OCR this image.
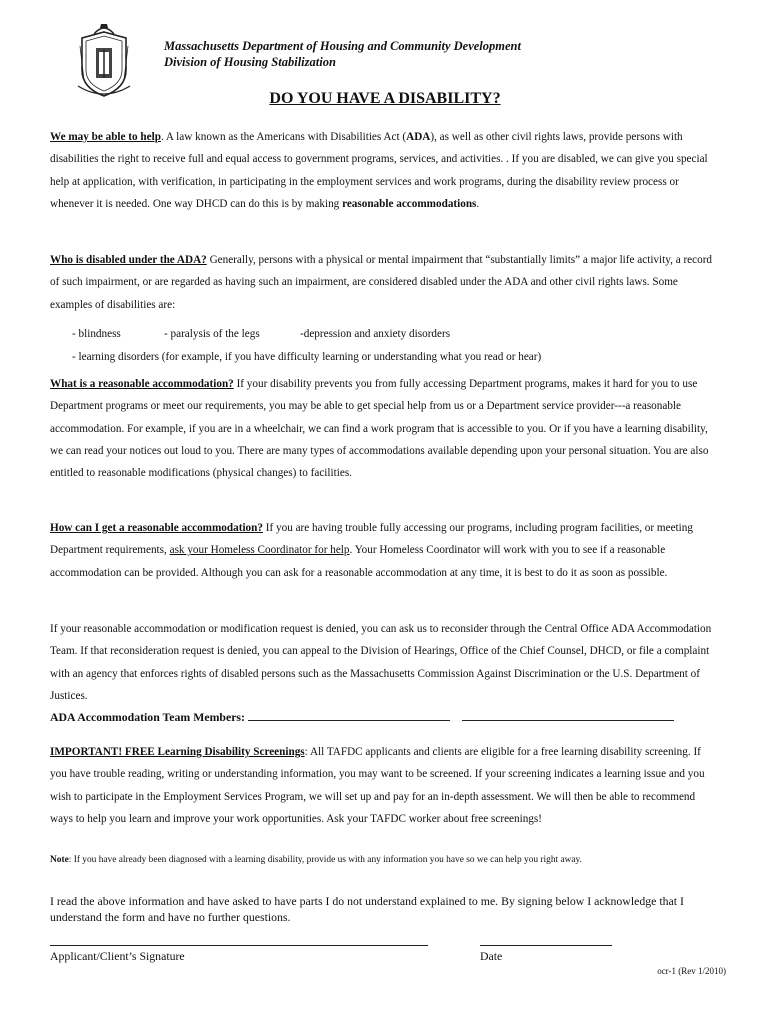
Massachusetts Department of Housing and Community Development
Division of Housing Stabilization
DO YOU HAVE A DISABILITY?
We may be able to help. A law known as the Americans with Disabilities Act (ADA), as well as other civil rights laws, provide persons with disabilities the right to receive full and equal access to government programs, services, and activities. . If you are disabled, we can give you special help at application, with verification, in participating in the employment services and work programs, during the disability review process or whenever it is needed. One way DHCD can do this is by making reasonable accommodations.
Who is disabled under the ADA? Generally, persons with a physical or mental impairment that “substantially limits” a major life activity, a record of such impairment, or are regarded as having such an impairment, are considered disabled under the ADA and other civil rights laws. Some examples of disabilities are:
- blindness	- paralysis of the legs	-depression and anxiety disorders
- learning disorders (for example, if you have difficulty learning or understanding what you read or hear)
What is a reasonable accommodation? If your disability prevents you from fully accessing Department programs, makes it hard for you to use Department programs or meet our requirements, you may be able to get special help from us or a Department service provider---a reasonable accommodation. For example, if you are in a wheelchair, we can find a work program that is accessible to you. Or if you have a learning disability, we can read your notices out loud to you. There are many types of accommodations available depending upon your personal situation. You are also entitled to reasonable modifications (physical changes) to facilities.
How can I get a reasonable accommodation? If you are having trouble fully accessing our programs, including program facilities, or meeting Department requirements, ask your Homeless Coordinator for help. Your Homeless Coordinator will work with you to see if a reasonable accommodation can be provided. Although you can ask for a reasonable accommodation at any time, it is best to do it as soon as possible.
If your reasonable accommodation or modification request is denied, you can ask us to reconsider through the Central Office ADA Accommodation Team. If that reconsideration request is denied, you can appeal to the Division of Hearings, Office of the Chief Counsel, DHCD, or file a complaint with an agency that enforces rights of disabled persons such as the Massachusetts Commission Against Discrimination or the U.S. Department of Justices.
ADA Accommodation Team Members:
IMPORTANT! FREE Learning Disability Screenings: All TAFDC applicants and clients are eligible for a free learning disability screening. If you have trouble reading, writing or understanding information, you may want to be screened. If your screening indicates a learning issue and you wish to participate in the Employment Services Program, we will set up and pay for an in-depth assessment. We will then be able to recommend ways to help you learn and improve your work opportunities. Ask your TAFDC worker about free screenings!
Note: If you have already been diagnosed with a learning disability, provide us with any information you have so we can help you right away.
I read the above information and have asked to have parts I do not understand explained to me. By signing below I acknowledge that I understand the form and have no further questions.
Applicant/Client’s Signature	Date
ocr-1 (Rev 1/2010)
